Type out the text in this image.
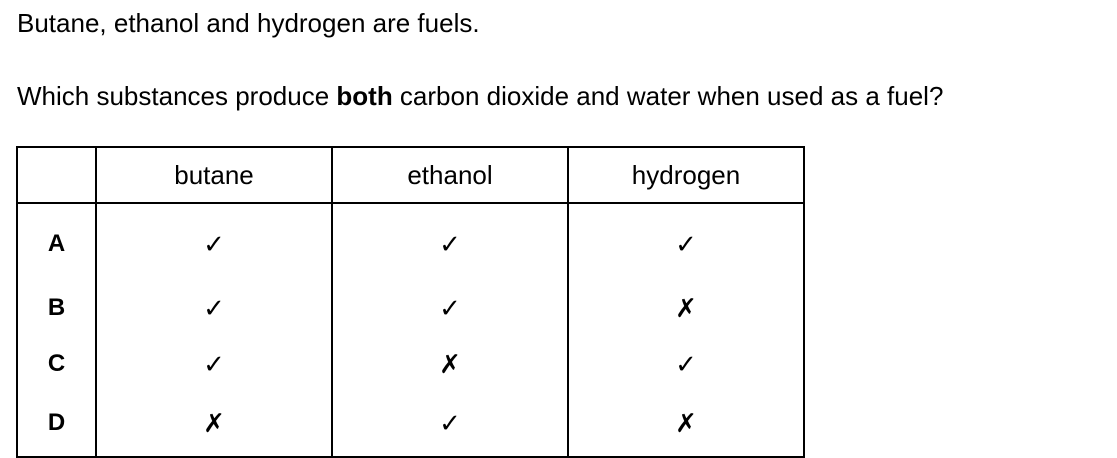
Butane, ethanol and hydrogen are fuels.
Which substances produce both carbon dioxide and water when used as a fuel?
	butane	ethanol	hydrogen
A	✓	✓	✓
B	✓	✓	✗
C	✓	✗	✓
D	✗	✓	✗
